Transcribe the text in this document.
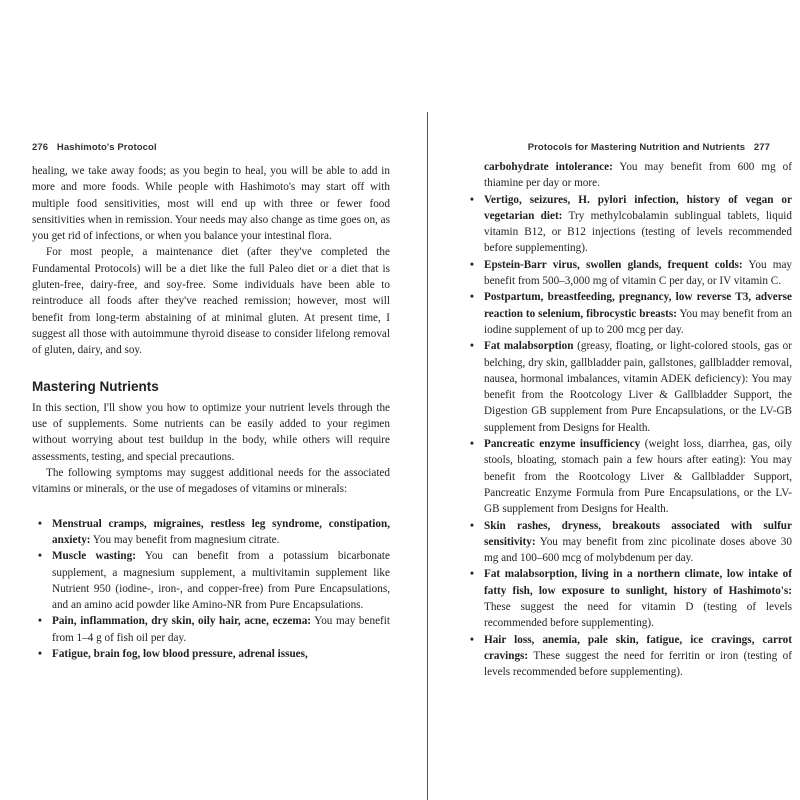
276 Hashimoto's Protocol

healing, we take away foods; as you begin to heal, you will be able to add in more and more foods. While people with Hashimoto's may start off with multiple food sensitivities, most will end up with three or fewer food sensitivities when in remission. Your needs may also change as time goes on, as you get rid of infections, or when you balance your intestinal flora.

For most people, a maintenance diet (after they've completed the Fundamental Protocols) will be a diet like the full Paleo diet or a diet that is gluten-free, dairy-free, and soy-free. Some individuals have been able to reintroduce all foods after they've reached remission; however, most will benefit from long-term abstaining of at minimal gluten. At present time, I suggest all those with autoimmune thyroid disease to consider lifelong removal of gluten, dairy, and soy.

Mastering Nutrients

In this section, I'll show you how to optimize your nutrient levels through the use of supplements. Some nutrients can be easily added to your regimen without worrying about test buildup in the body, while others will require assessments, testing, and special precautions.

The following symptoms may suggest additional needs for the associated vitamins or minerals, or the use of megadoses of vitamins or minerals:

• Menstrual cramps, migraines, restless leg syndrome, constipation, anxiety: You may benefit from magnesium citrate.
• Muscle wasting: You can benefit from a potassium bicarbonate supplement, a magnesium supplement, a multivitamin supplement like Nutrient 950 (iodine-, iron-, and copper-free) from Pure Encapsulations, and an amino acid powder like Amino-NR from Pure Encapsulations.
• Pain, inflammation, dry skin, oily hair, acne, eczema: You may benefit from 1–4 g of fish oil per day.
• Fatigue, brain fog, low blood pressure, adrenal issues,
Protocols for Mastering Nutrition and Nutrients 277

carbohydrate intolerance: You may benefit from 600 mg of thiamine per day or more.

• Vertigo, seizures, H. pylori infection, history of vegan or vegetarian diet: Try methylcobalamin sublingual tablets, liquid vitamin B12, or B12 injections (testing of levels recommended before supplementing).
• Epstein-Barr virus, swollen glands, frequent colds: You may benefit from 500–3,000 mg of vitamin C per day, or IV vitamin C.
• Postpartum, breastfeeding, pregnancy, low reverse T3, adverse reaction to selenium, fibrocystic breasts: You may benefit from an iodine supplement of up to 200 mcg per day.
• Fat malabsorption (greasy, floating, or light-colored stools, gas or belching, dry skin, gallbladder pain, gallstones, gallbladder removal, nausea, hormonal imbalances, vitamin ADEK deficiency): You may benefit from the Rootcology Liver & Gallbladder Support, the Digestion GB supplement from Pure Encapsulations, or the LV-GB supplement from Designs for Health.
• Pancreatic enzyme insufficiency (weight loss, diarrhea, gas, oily stools, bloating, stomach pain a few hours after eating): You may benefit from the Rootcology Liver & Gallbladder Support, Pancreatic Enzyme Formula from Pure Encapsulations, or the LV-GB supplement from Designs for Health.
• Skin rashes, dryness, breakouts associated with sulfur sensitivity: You may benefit from zinc picolinate doses above 30 mg and 100–600 mcg of molybdenum per day.
• Fat malabsorption, living in a northern climate, low intake of fatty fish, low exposure to sunlight, history of Hashimoto's: These suggest the need for vitamin D (testing of levels recommended before supplementing).
• Hair loss, anemia, pale skin, fatigue, ice cravings, carrot cravings: These suggest the need for ferritin or iron (testing of levels recommended before supplementing).
